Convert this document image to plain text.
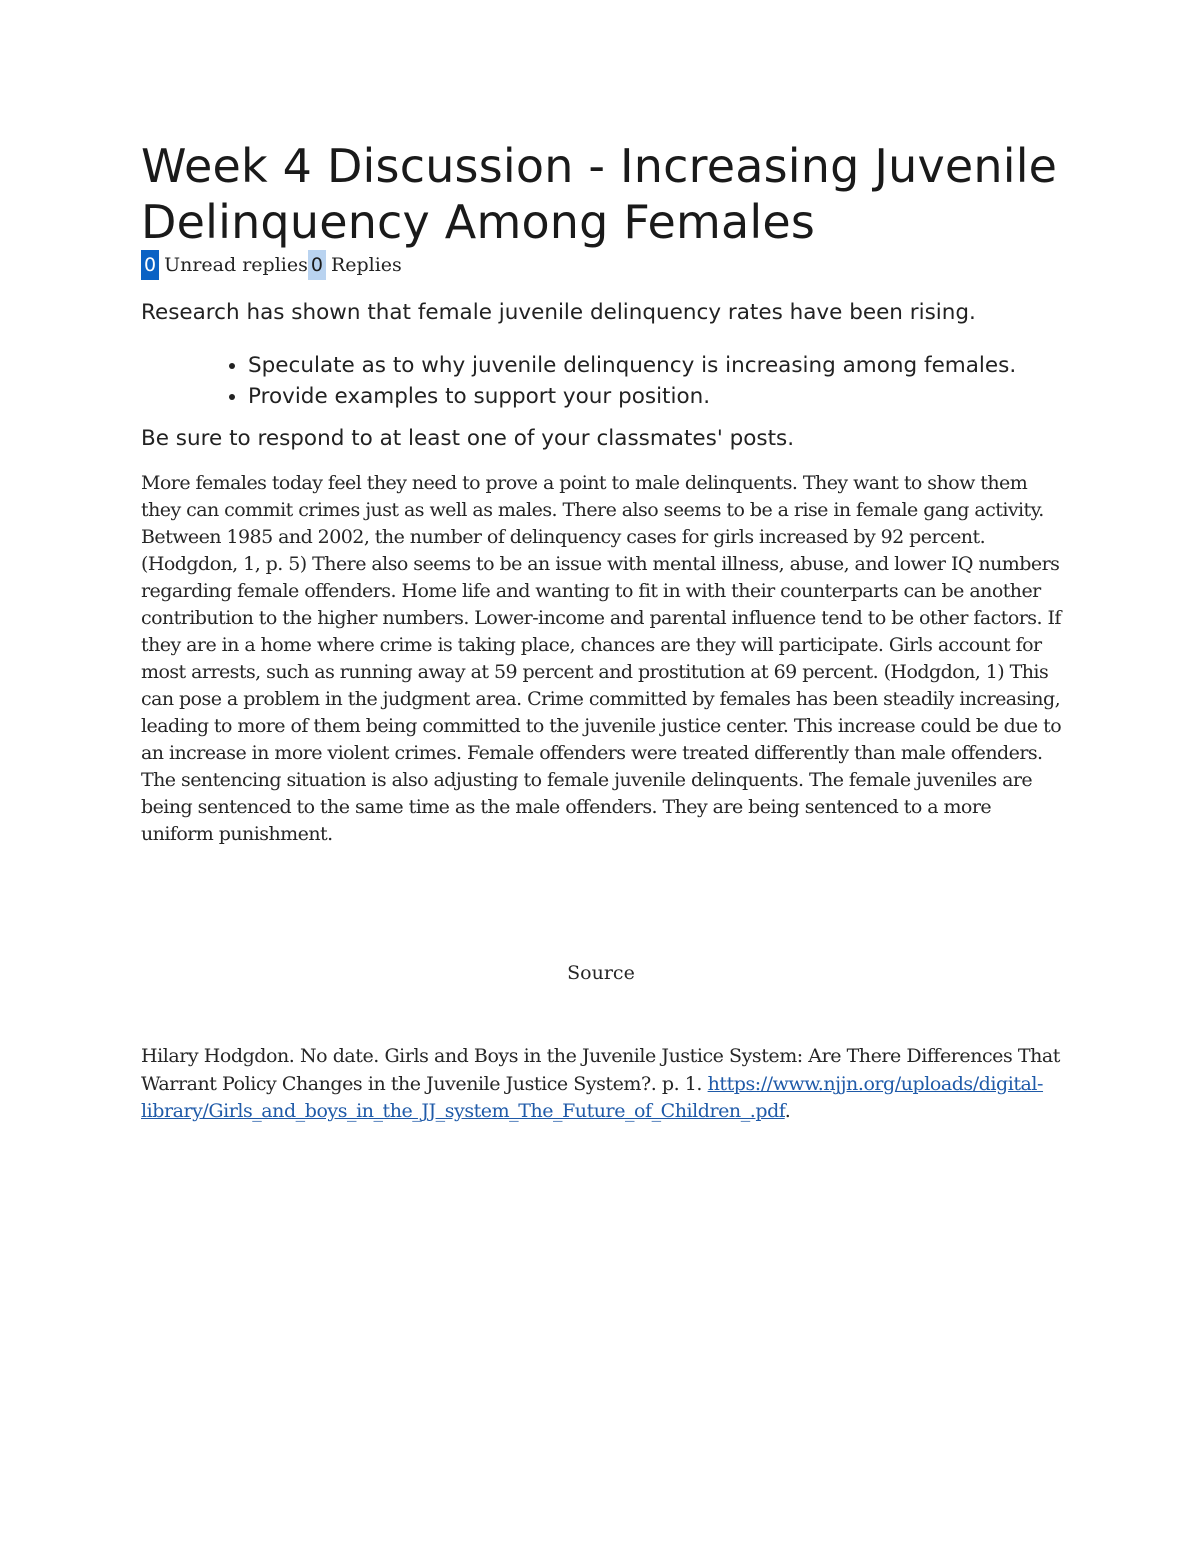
Week 4 Discussion - Increasing Juvenile Delinquency Among Females
0 Unread replies 0 Replies

Research has shown that female juvenile delinquency rates have been rising.

• Speculate as to why juvenile delinquency is increasing among females.
• Provide examples to support your position.

Be sure to respond to at least one of your classmates' posts.

More females today feel they need to prove a point to male delinquents. They want to show them they can commit crimes just as well as males. There also seems to be a rise in female gang activity. Between 1985 and 2002, the number of delinquency cases for girls increased by 92 percent. (Hodgdon, 1, p. 5) There also seems to be an issue with mental illness, abuse, and lower IQ numbers regarding female offenders. Home life and wanting to fit in with their counterparts can be another contribution to the higher numbers. Lower-income and parental influence tend to be other factors. If they are in a home where crime is taking place, chances are they will participate. Girls account for most arrests, such as running away at 59 percent and prostitution at 69 percent. (Hodgdon, 1) This can pose a problem in the judgment area. Crime committed by females has been steadily increasing, leading to more of them being committed to the juvenile justice center. This increase could be due to an increase in more violent crimes. Female offenders were treated differently than male offenders. The sentencing situation is also adjusting to female juvenile delinquents. The female juveniles are being sentenced to the same time as the male offenders. They are being sentenced to a more uniform punishment.

Source

Hilary Hodgdon. No date. Girls and Boys in the Juvenile Justice System: Are There Differences That Warrant Policy Changes in the Juvenile Justice System?. p. 1. https://www.njjn.org/uploads/digital-
library/Girls_and_boys_in_the_JJ_system_The_Future_of_Children_.pdf.
